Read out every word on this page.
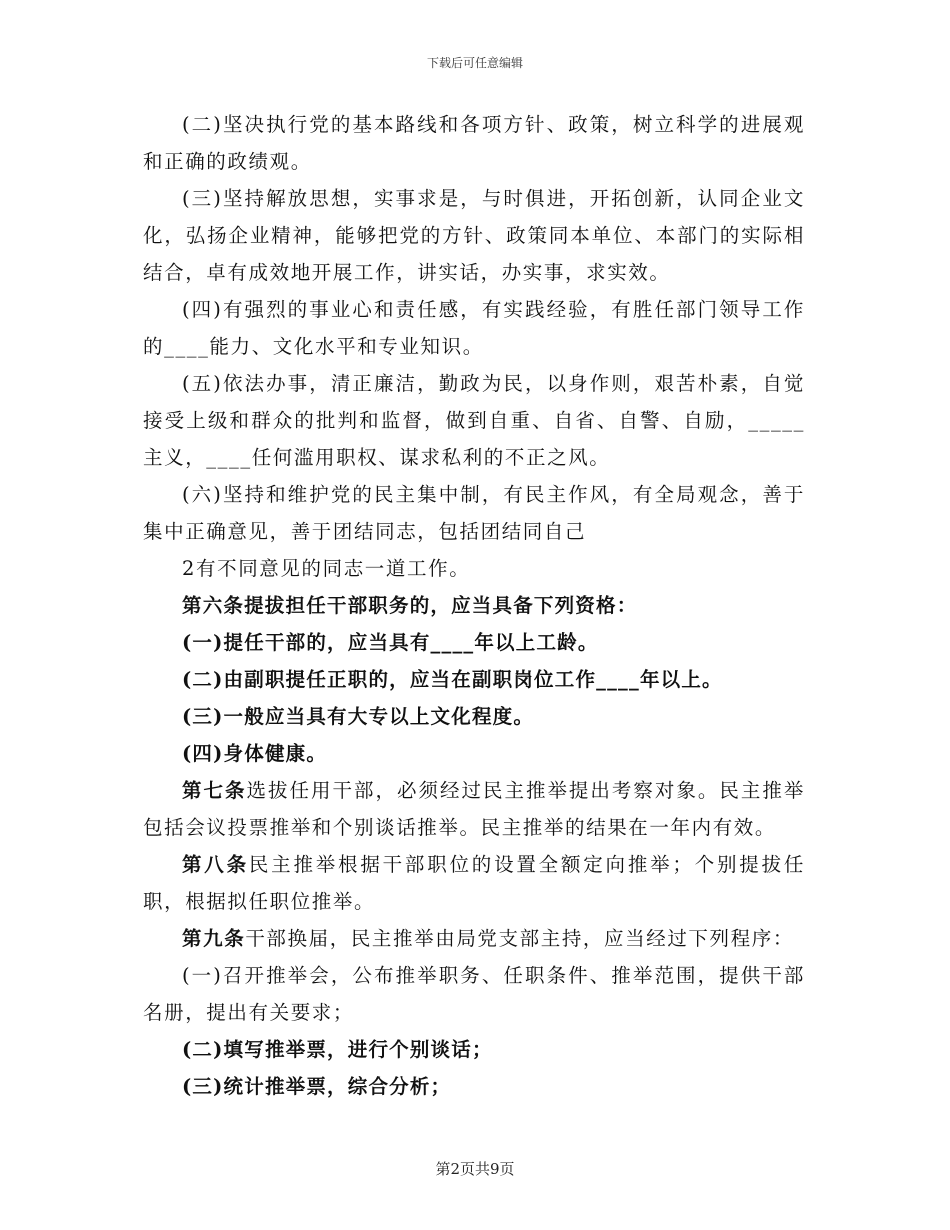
下载后可任意编辑

(二)坚决执行党的基本路线和各项方针、政策，树立科学的进展观和正确的政绩观。

(三)坚持解放思想，实事求是，与时俱进，开拓创新，认同企业文化，弘扬企业精神，能够把党的方针、政策同本单位、本部门的实际相结合，卓有成效地开展工作，讲实话，办实事，求实效。

(四)有强烈的事业心和责任感，有实践经验，有胜任部门领导工作的____能力、文化水平和专业知识。

(五)依法办事，清正廉洁，勤政为民，以身作则，艰苦朴素，自觉接受上级和群众的批判和监督，做到自重、自省、自警、自励，_____主义，____任何滥用职权、谋求私利的不正之风。

(六)坚持和维护党的民主集中制，有民主作风，有全局观念，善于集中正确意见，善于团结同志，包括团结同自己

2有不同意见的同志一道工作。

第六条提拔担任干部职务的，应当具备下列资格：

(一)提任干部的，应当具有____年以上工龄。

(二)由副职提任正职的，应当在副职岗位工作____年以上。

(三)一般应当具有大专以上文化程度。

(四)身体健康。

第七条选拔任用干部，必须经过民主推举提出考察对象。民主推举包括会议投票推举和个别谈话推举。民主推举的结果在一年内有效。

第八条民主推举根据干部职位的设置全额定向推举；个别提拔任职，根据拟任职位推举。

第九条干部换届，民主推举由局党支部主持，应当经过下列程序：

(一)召开推举会，公布推举职务、任职条件、推举范围，提供干部名册，提出有关要求；

(二)填写推举票，进行个别谈话；

(三)统计推举票，综合分析；

第2页共9页
